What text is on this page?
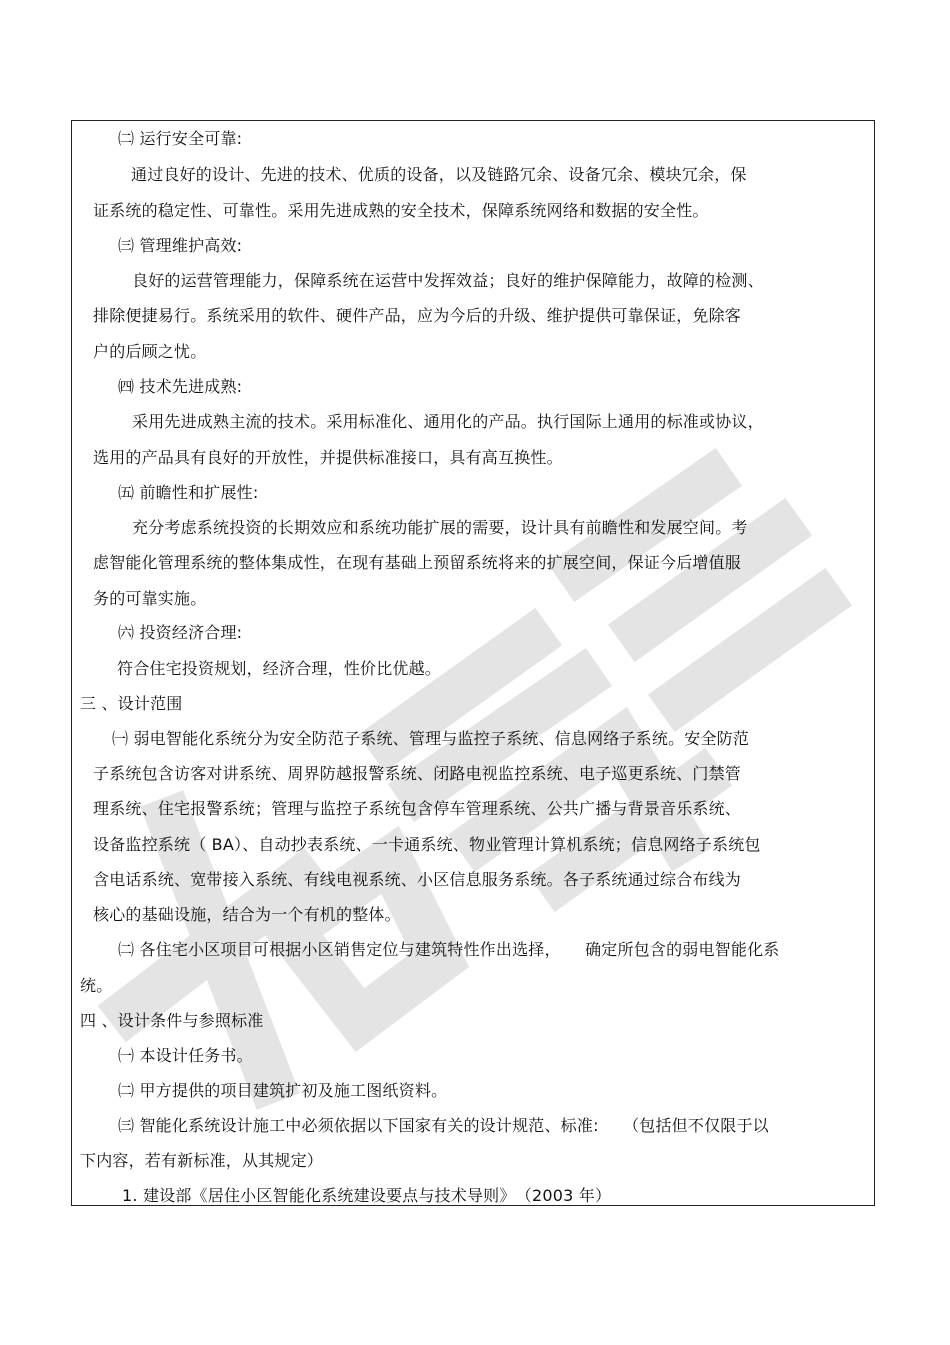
㈡ 运行安全可靠:
通过良好的设计、先进的技术、优质的设备，以及链路冗余、设备冗余、模块冗余，保
证系统的稳定性、可靠性。采用先进成熟的安全技术，保障系统网络和数据的安全性。
㈢ 管理维护高效:
良好的运营管理能力，保障系统在运营中发挥效益；良好的维护保障能力，故障的检测、
排除便捷易行。系统采用的软件、硬件产品，应为今后的升级、维护提供可靠保证，免除客
户的后顾之忧。
㈣ 技术先进成熟:
采用先进成熟主流的技术。采用标准化、通用化的产品。执行国际上通用的标准或协议，
选用的产品具有良好的开放性，并提供标准接口，具有高互换性。
㈤ 前瞻性和扩展性:
充分考虑系统投资的长期效应和系统功能扩展的需要，设计具有前瞻性和发展空间。考
虑智能化管理系统的整体集成性，在现有基础上预留系统将来的扩展空间，保证今后增值服
务的可靠实施。
㈥ 投资经济合理:
符合住宅投资规划，经济合理，性价比优越。
三 、设计范围
㈠ 弱电智能化系统分为安全防范子系统、管理与监控子系统、信息网络子系统。安全防范
子系统包含访客对讲系统、周界防越报警系统、闭路电视监控系统、电子巡更系统、门禁管
理系统、住宅报警系统；管理与监控子系统包含停车管理系统、公共广播与背景音乐系统、
设备监控系统（ BA）、自动抄表系统、一卡通系统、物业管理计算机系统；信息网络子系统包
含电话系统、宽带接入系统、有线电视系统、小区信息服务系统。各子系统通过综合布线为
核心的基础设施，结合为一个有机的整体。
㈡ 各住宅小区项目可根据小区销售定位与建筑特性作出选择，　　确定所包含的弱电智能化系
统。
四 、设计条件与参照标准
㈠ 本设计任务书。
㈡ 甲方提供的项目建筑扩初及施工图纸资料。
㈢ 智能化系统设计施工中必须依据以下国家有关的设计规范、标准:　　（包括但不仅限于以
下内容，若有新标准，从其规定）
1. 建设部《居住小区智能化系统建设要点与技术导则》　（2003 年）
